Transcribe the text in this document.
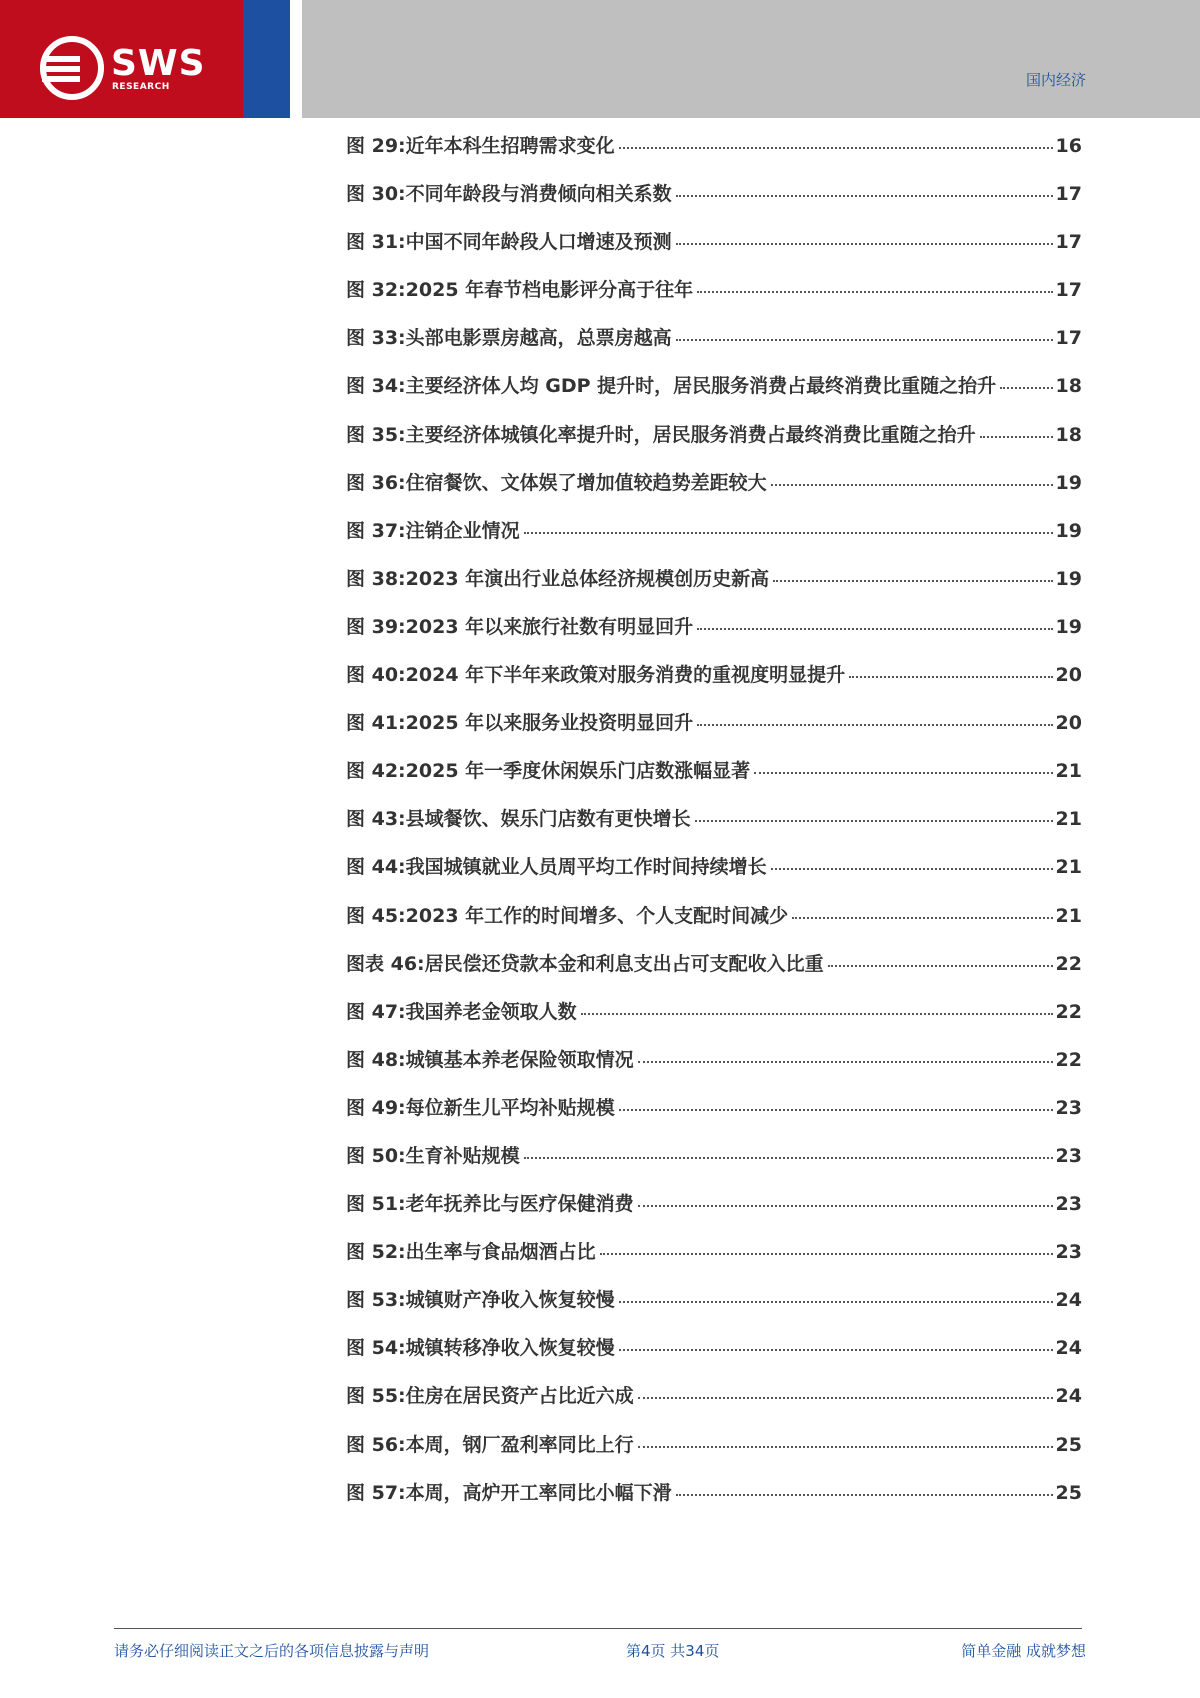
SWS
RESEARCH	国内经济
图 29: 近年本科生招聘需求变化	16
图 30: 不同年龄段与消费倾向相关系数	17
图 31: 中国不同年龄段人口增速及预测	17
图 32: 2025 年春节档电影评分高于往年	17
图 33: 头部电影票房越高，总票房越高	17
图 34: 主要经济体人均 GDP 提升时，居民服务消费占最终消费比重随之抬升	18
图 35: 主要经济体城镇化率提升时，居民服务消费占最终消费比重随之抬升	18
图 36: 住宿餐饮、文体娱了增加值较趋势差距较大	19
图 37: 注销企业情况	19
图 38: 2023 年演出行业总体经济规模创历史新高	19
图 39: 2023 年以来旅行社数有明显回升	19
图 40: 2024 年下半年来政策对服务消费的重视度明显提升	20
图 41: 2025 年以来服务业投资明显回升	20
图 42: 2025 年一季度休闲娱乐门店数涨幅显著	21
图 43: 县域餐饮、娱乐门店数有更快增长	21
图 44: 我国城镇就业人员周平均工作时间持续增长	21
图 45: 2023 年工作的时间增多、个人支配时间减少	21
图表 46: 居民偿还贷款本金和利息支出占可支配收入比重	22
图 47: 我国养老金领取人数	22
图 48: 城镇基本养老保险领取情况	22
图 49: 每位新生儿平均补贴规模	23
图 50: 生育补贴规模	23
图 51: 老年抚养比与医疗保健消费	23
图 52: 出生率与食品烟酒占比	23
图 53: 城镇财产净收入恢复较慢	24
图 54: 城镇转移净收入恢复较慢	24
图 55: 住房在居民资产占比近六成	24
图 56: 本周，钢厂盈利率同比上行	25
图 57: 本周，高炉开工率同比小幅下滑	25
请务必仔细阅读正文之后的各项信息披露与声明	第4页 共34页	简单金融 成就梦想
